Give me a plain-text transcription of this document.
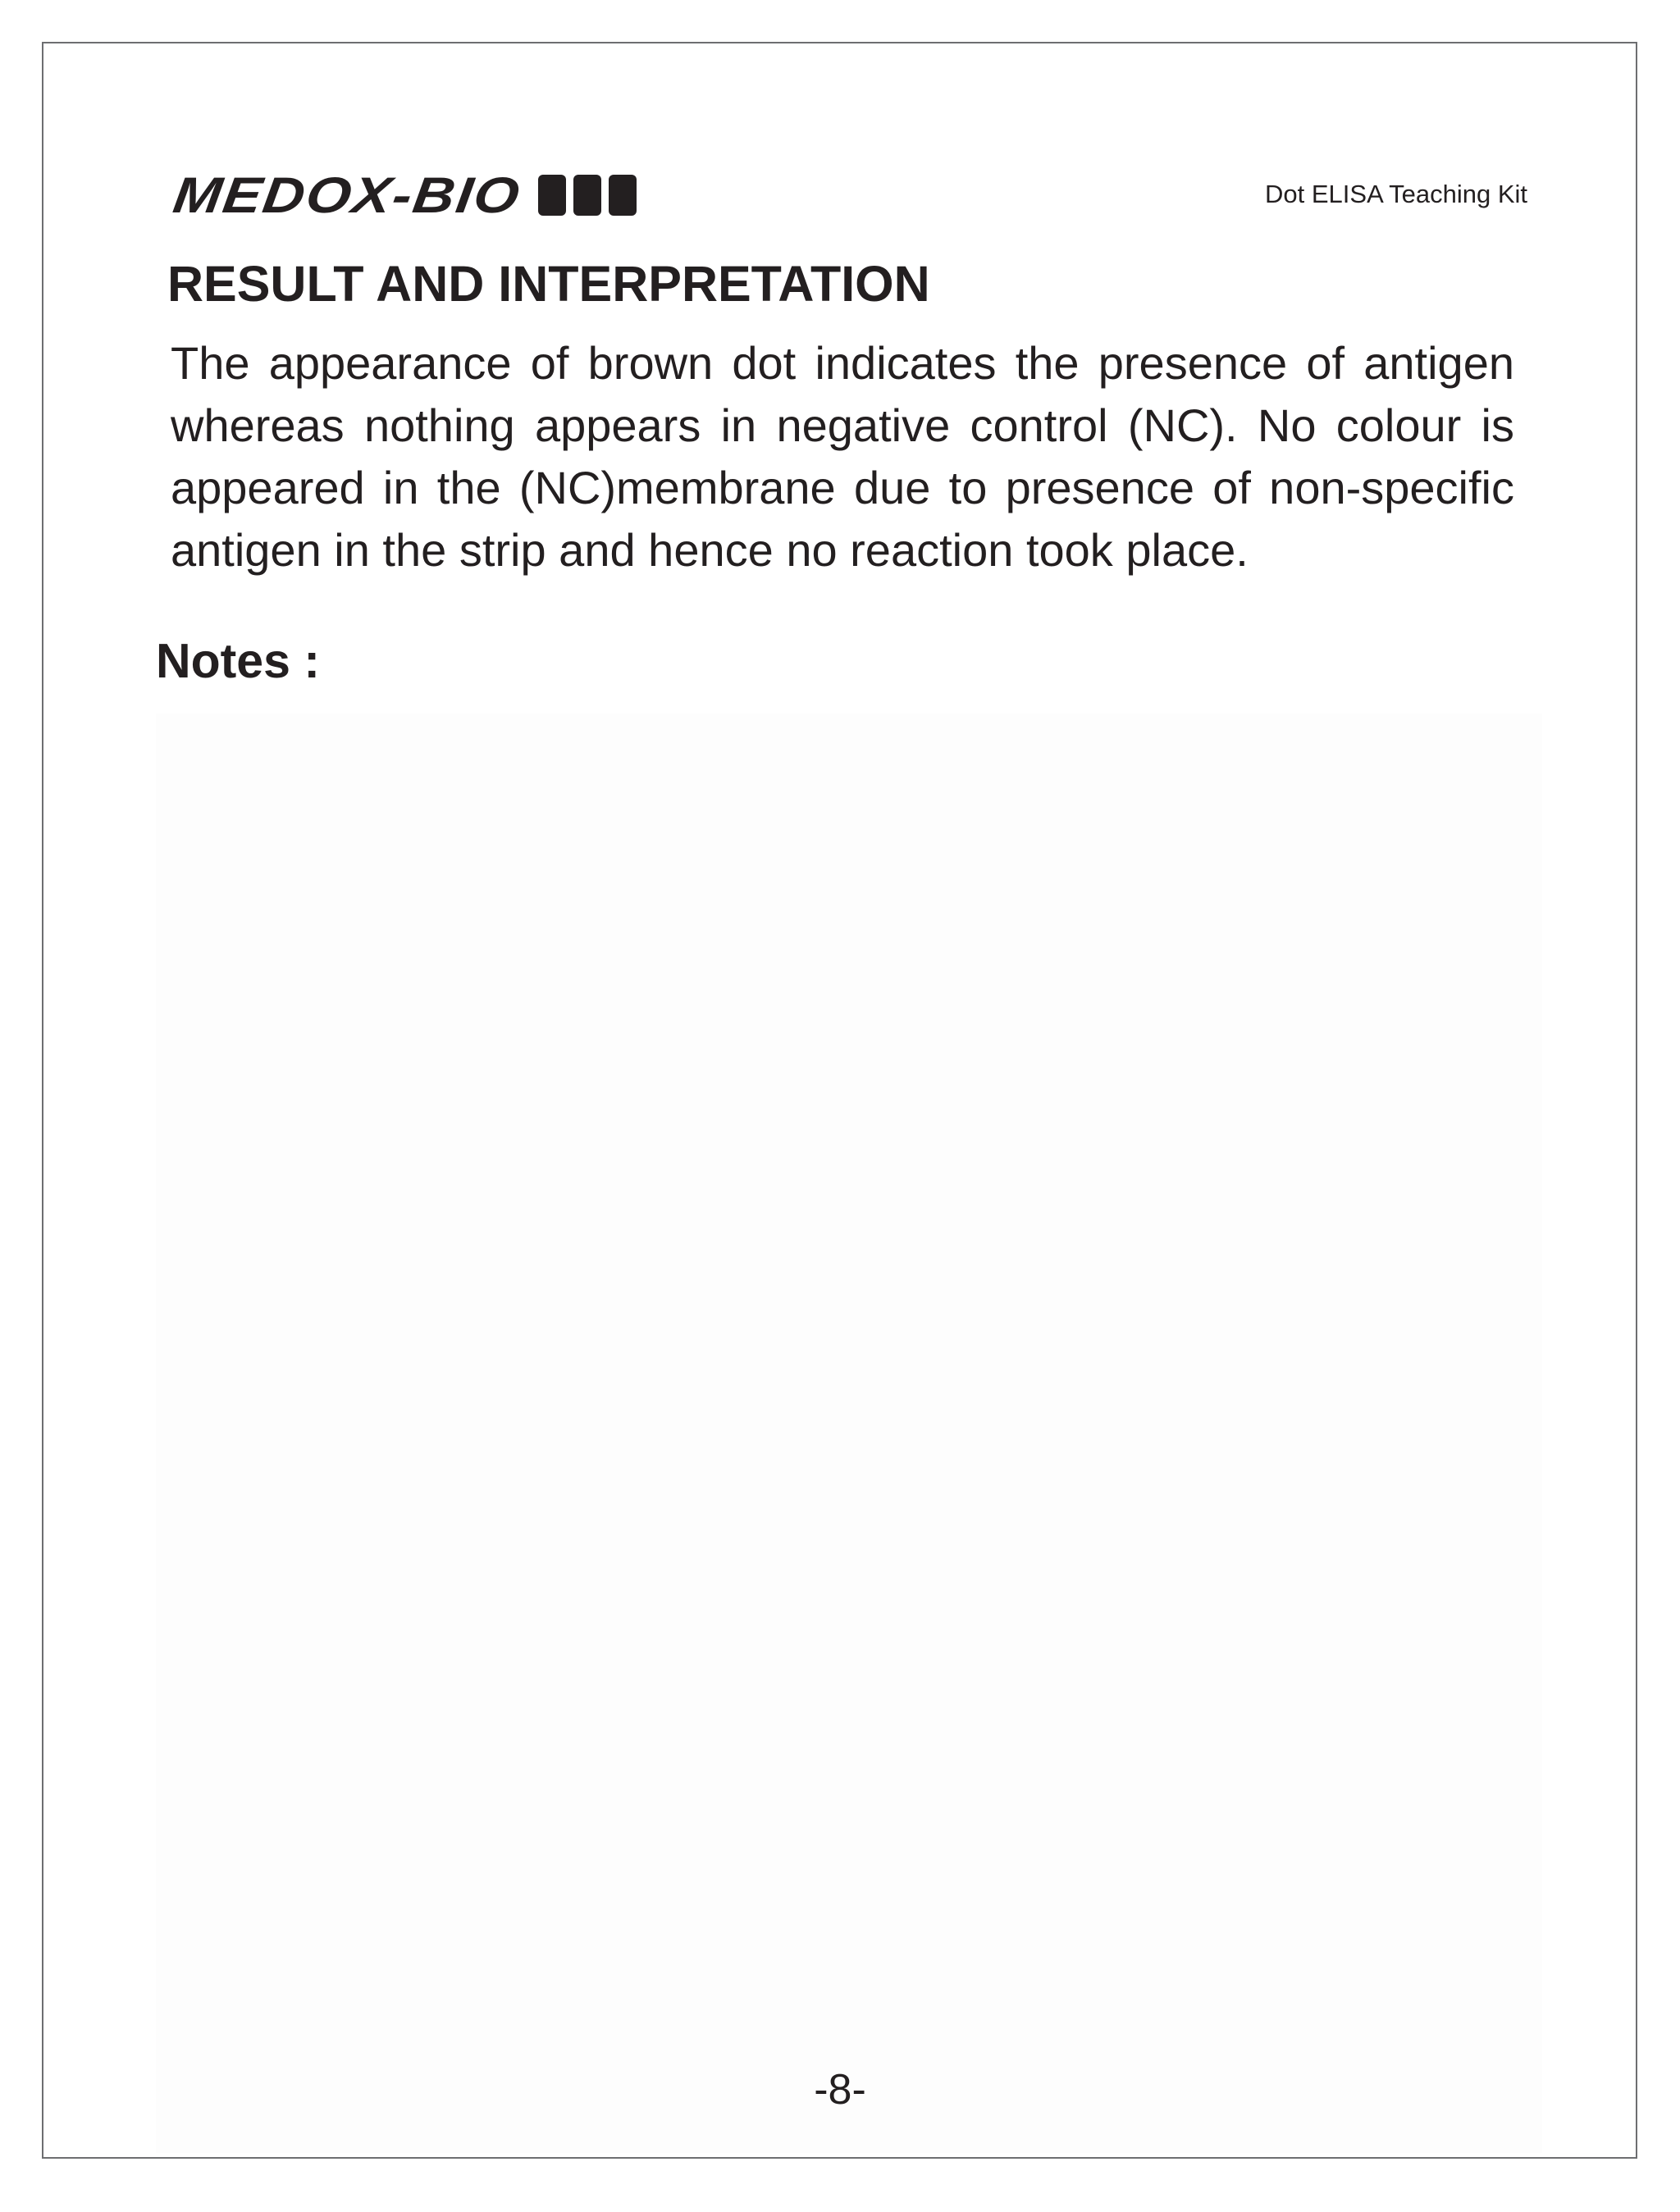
MEDOX-BIO	Dot ELISA Teaching Kit
RESULT AND INTERPRETATION

The appearance of brown dot indicates the presence of antigen whereas nothing appears in negative control (NC). No colour is appeared in the (NC)membrane due to presence of non-specific antigen in the strip and hence no reaction took place.

Notes :
-8-
